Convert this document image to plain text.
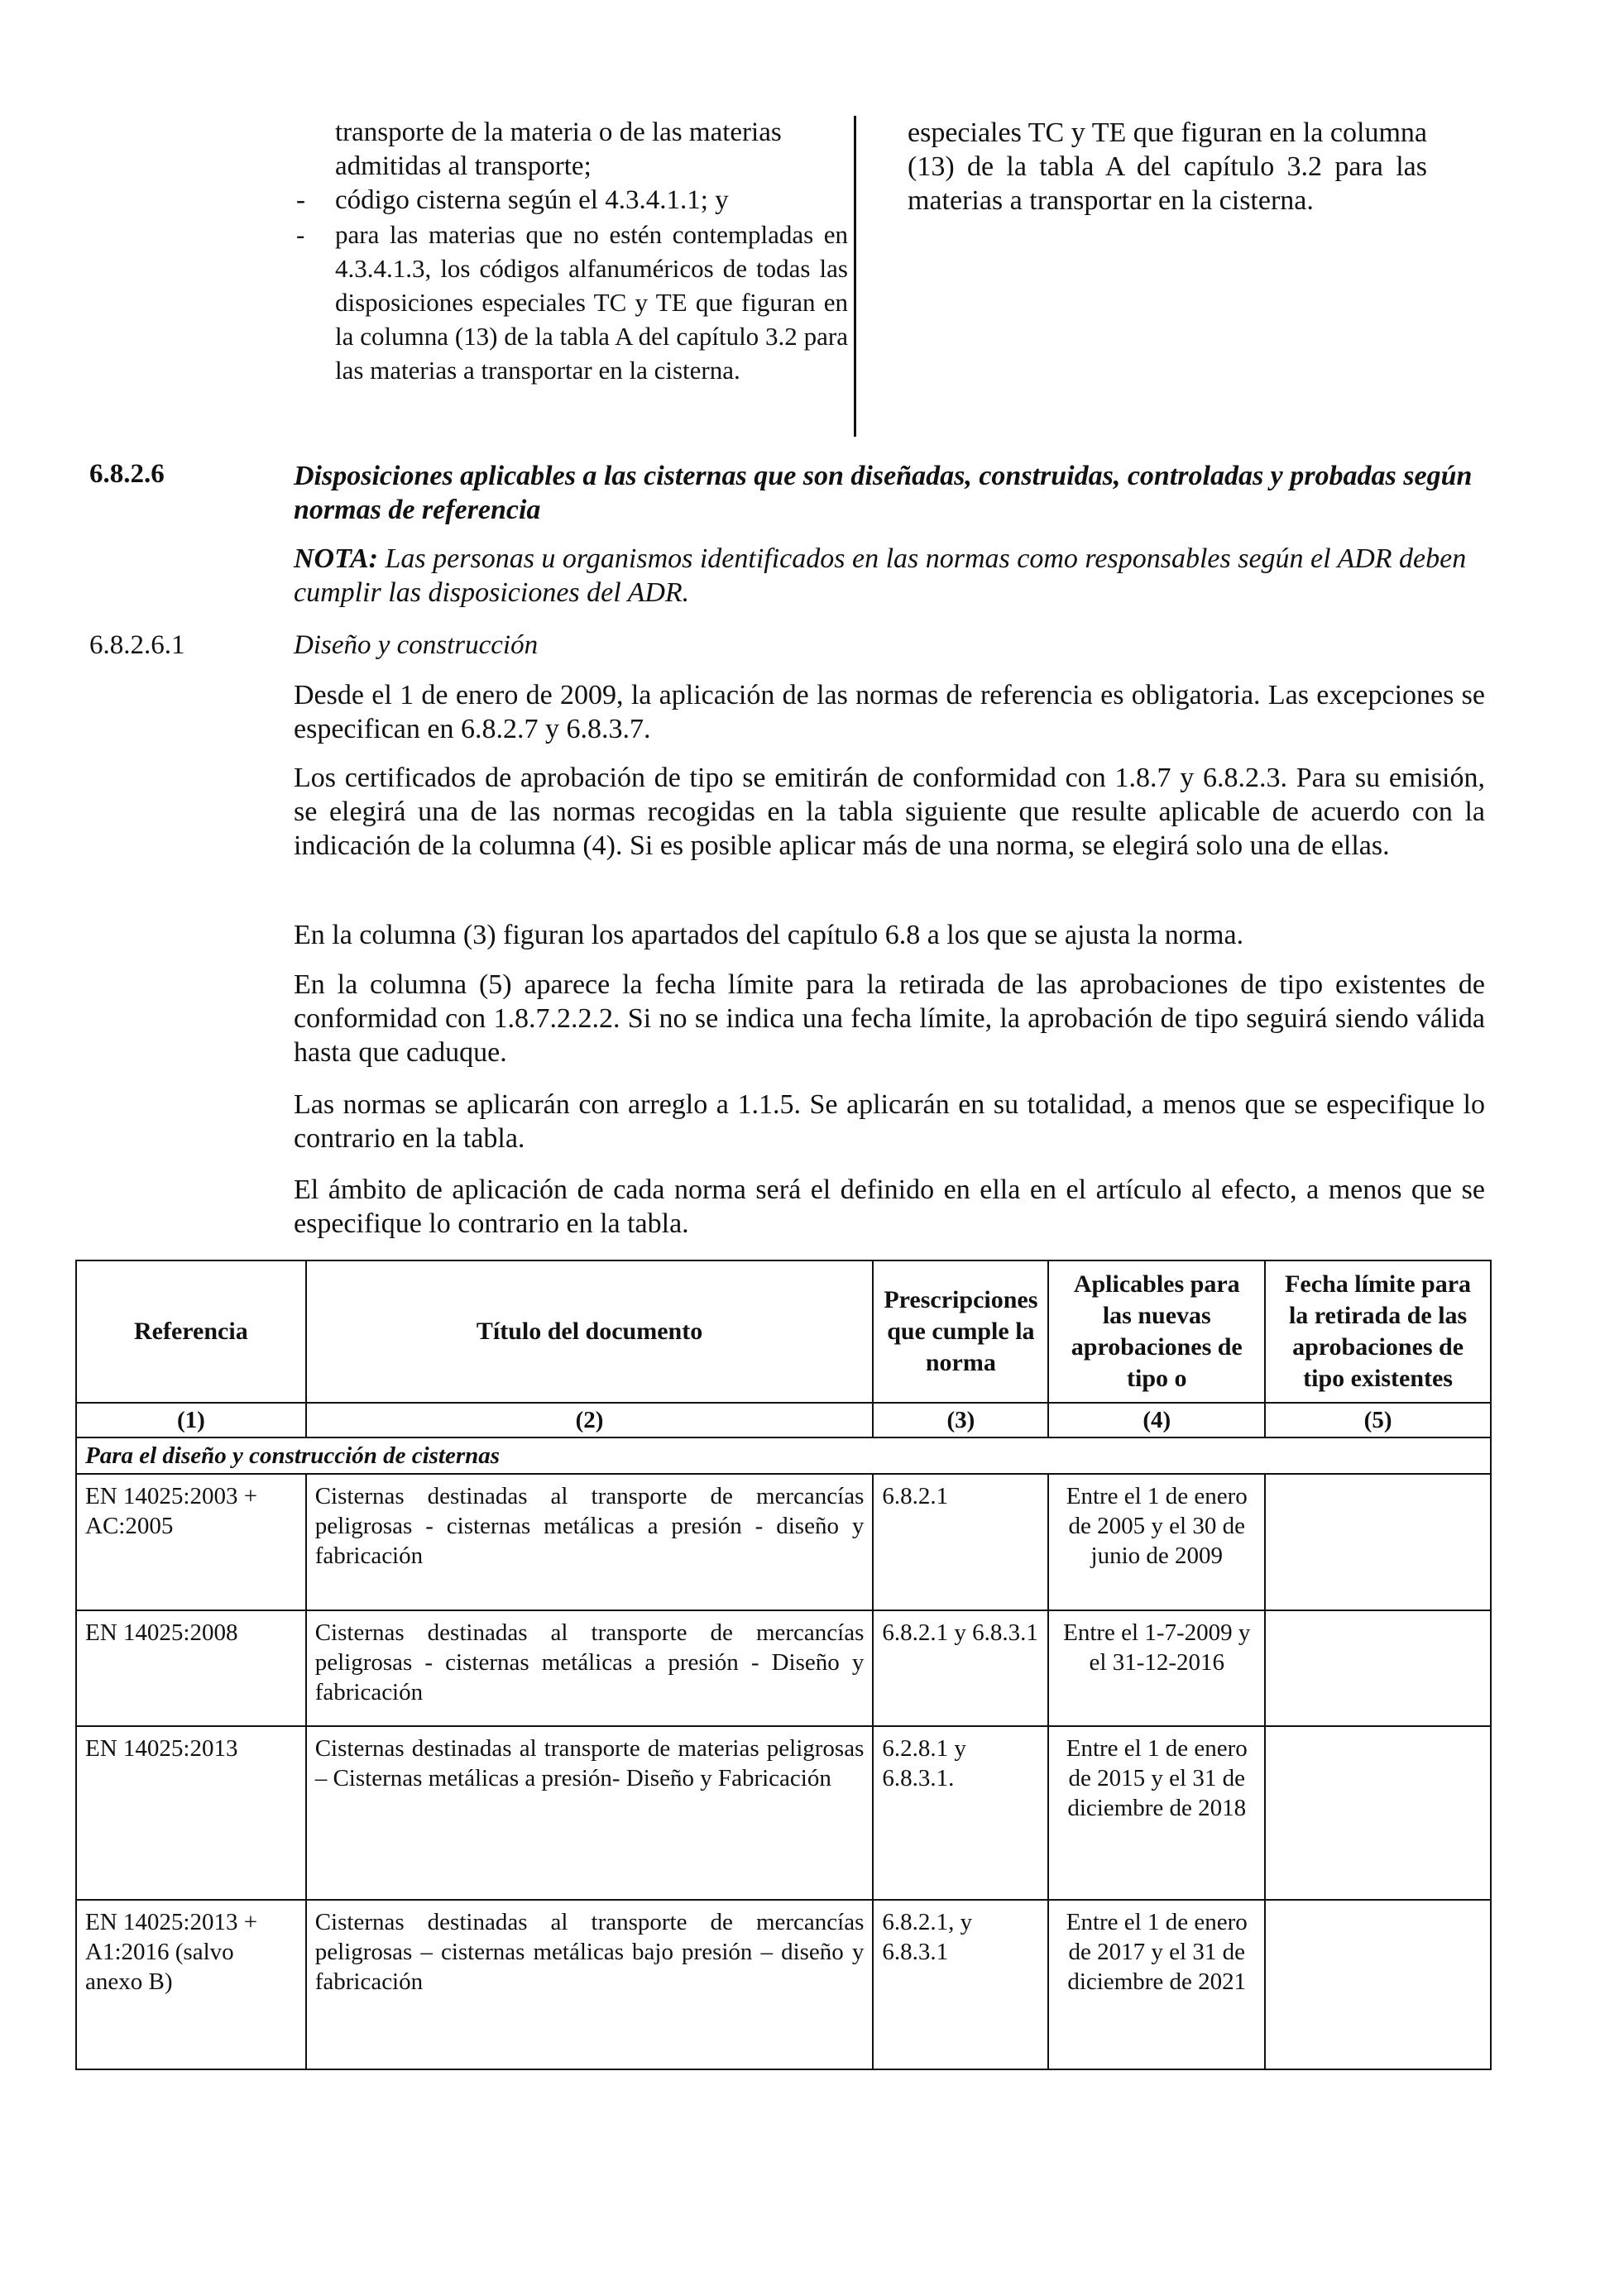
transporte de la materia o de las materias
admitidas al transporte;
- código cisterna según el 4.3.4.1.1; y
- para las materias que no estén contempladas en 4.3.4.1.3, los códigos alfanuméricos de todas las disposiciones especiales TC y TE que figuran en la columna (13) de la tabla A del capítulo 3.2 para las materias a transportar en la cisterna.
especiales TC y TE que figuran en la columna (13) de la tabla A del capítulo 3.2 para las materias a transportar en la cisterna.
6.8.2.6	Disposiciones aplicables a las cisternas que son diseñadas, construidas, controladas y probadas según normas de referencia
NOTA: Las personas u organismos identificados en las normas como responsables según el ADR deben cumplir las disposiciones del ADR.
6.8.2.6.1	Diseño y construcción

Desde el 1 de enero de 2009, la aplicación de las normas de referencia es obligatoria. Las excepciones se especifican en 6.8.2.7 y 6.8.3.7.

Los certificados de aprobación de tipo se emitirán de conformidad con 1.8.7 y 6.8.2.3. Para su emisión, se elegirá una de las normas recogidas en la tabla siguiente que resulte aplicable de acuerdo con la indicación de la columna (4). Si es posible aplicar más de una norma, se elegirá solo una de ellas.

En la columna (3) figuran los apartados del capítulo 6.8 a los que se ajusta la norma.

En la columna (5) aparece la fecha límite para la retirada de las aprobaciones de tipo existentes de conformidad con 1.8.7.2.2.2. Si no se indica una fecha límite, la aprobación de tipo seguirá siendo válida hasta que caduque.

Las normas se aplicarán con arreglo a 1.1.5. Se aplicarán en su totalidad, a menos que se especifique lo contrario en la tabla.

El ámbito de aplicación de cada norma será el definido en ella en el artículo al efecto, a menos que se especifique lo contrario en la tabla.

Referencia	Título del documento	Prescripciones que cumple la norma	Aplicables para las nuevas aprobaciones de tipo o	Fecha límite para la retirada de las aprobaciones de tipo existentes
(1)	(2)	(3)	(4)	(5)
Para el diseño y construcción de cisternas				
EN 14025:2003 + AC:2005	Cisternas destinadas al transporte de mercancías peligrosas - cisternas metálicas a presión - diseño y fabricación	6.8.2.1	Entre el 1 de enero de 2005 y el 30 de junio de 2009	
EN 14025:2008	Cisternas destinadas al transporte de mercancías peligrosas - cisternas metálicas a presión - Diseño y fabricación	6.8.2.1 y 6.8.3.1	Entre el 1-7-2009 y el 31-12-2016	
EN 14025:2013	Cisternas destinadas al transporte de materias peligrosas – Cisternas metálicas a presión- Diseño y Fabricación	6.2.8.1 y 6.8.3.1.	Entre el 1 de enero de 2015 y el 31 de diciembre de 2018	
EN 14025:2013 + A1:2016 (salvo anexo B)	Cisternas destinadas al transporte de mercancías peligrosas – cisternas metálicas bajo presión – diseño y fabricación	6.8.2.1, y 6.8.3.1	Entre el 1 de enero de 2017 y el 31 de diciembre de 2021	
